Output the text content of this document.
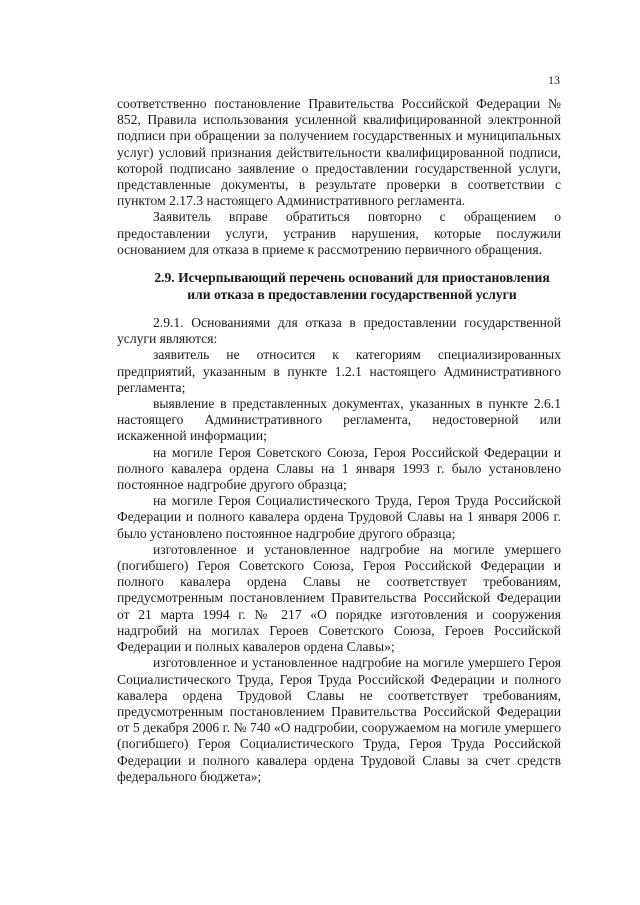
13

соответственно постановление Правительства Российской Федерации № 852, Правила использования усиленной квалифицированной электронной подписи при обращении за получением государственных и муниципальных услуг) условий признания действительности квалифицированной подписи, которой подписано заявление о предоставлении государственной услуги, представленные документы, в результате проверки в соответствии с пунктом 2.17.3 настоящего Административного регламента.

Заявитель вправе обратиться повторно с обращением о предоставлении услуги, устранив нарушения, которые послужили основанием для отказа в приеме к рассмотрению первичного обращения.

2.9. Исчерпывающий перечень оснований для приостановления
или отказа в предоставлении государственной услуги

2.9.1. Основаниями для отказа в предоставлении государственной услуги являются:

заявитель не относится к категориям специализированных предприятий, указанным в пункте 1.2.1 настоящего Административного регламента;

выявление в представленных документах, указанных в пункте 2.6.1 настоящего Административного регламента, недостоверной или искаженной информации;

на могиле Героя Советского Союза, Героя Российской Федерации и полного кавалера ордена Славы на 1 января 1993 г. было установлено постоянное надгробие другого образца;

на могиле Героя Социалистического Труда, Героя Труда Российской Федерации и полного кавалера ордена Трудовой Славы на 1 января 2006 г. было установлено постоянное надгробие другого образца;

изготовленное и установленное надгробие на могиле умершего (погибшего) Героя Советского Союза, Героя Российской Федерации и полного кавалера ордена Славы не соответствует требованиям, предусмотренным постановлением Правительства Российской Федерации от 21 марта 1994 г. № 217 «О порядке изготовления и сооружения надгробий на могилах Героев Советского Союза, Героев Российской Федерации и полных кавалеров ордена Славы»;

изготовленное и установленное надгробие на могиле умершего Героя Социалистического Труда, Героя Труда Российской Федерации и полного кавалера ордена Трудовой Славы не соответствует требованиям, предусмотренным постановлением Правительства Российской Федерации от 5 декабря 2006 г. № 740 «О надгробии, сооружаемом на могиле умершего (погибшего) Героя Социалистического Труда, Героя Труда Российской Федерации и полного кавалера ордена Трудовой Славы за счет средств федерального бюджета»;
